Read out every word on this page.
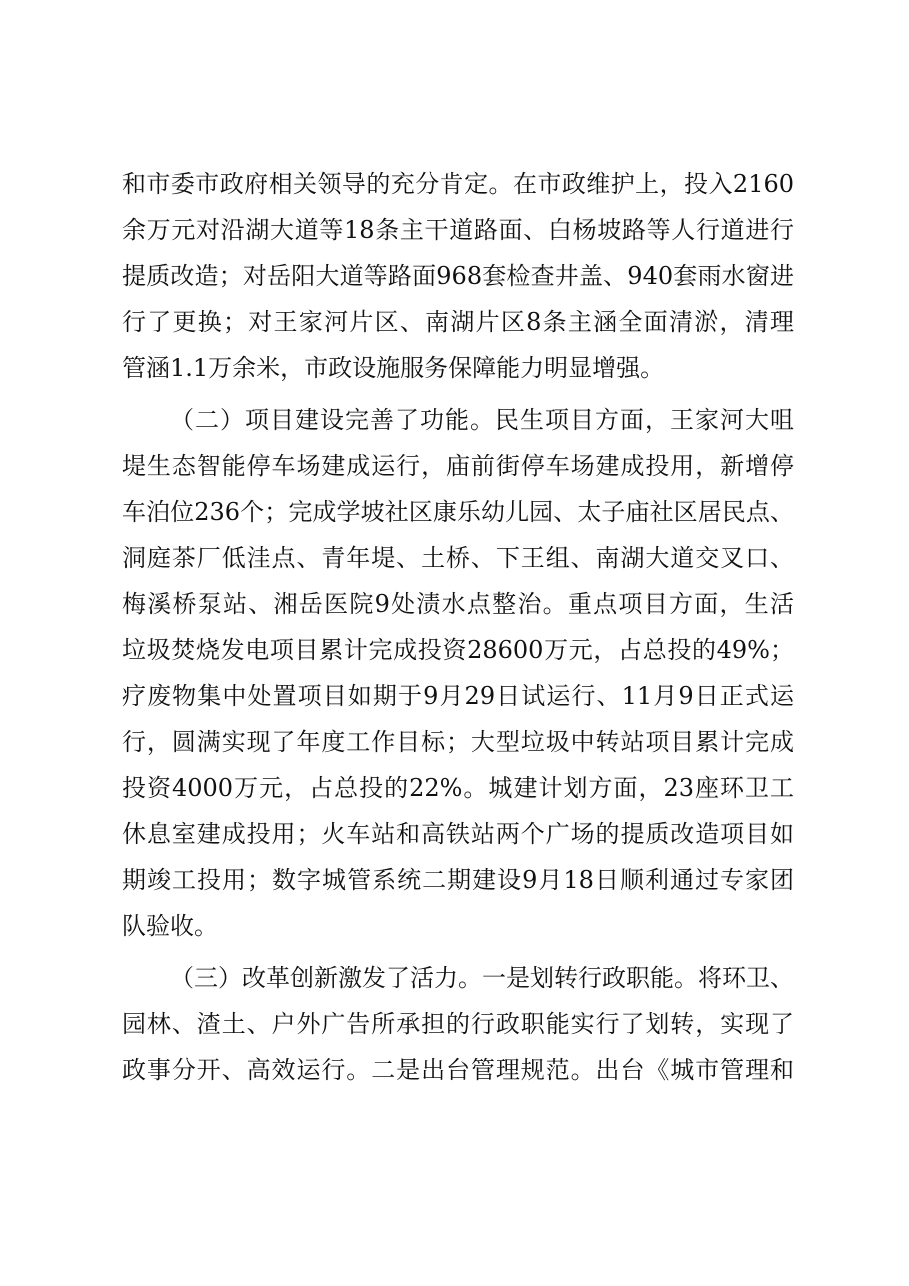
和市委市政府相关领导的充分肯定。在市政维护上，投入2160
余万元对沿湖大道等18条主干道路面、白杨坡路等人行道进行
提质改造；对岳阳大道等路面968套检查井盖、940套雨水窗进
行了更换；对王家河片区、南湖片区8条主涵全面清淤，清理
管涵1.1万余米，市政设施服务保障能力明显增强。
（二）项目建设完善了功能。民生项目方面，王家河大咀
堤生态智能停车场建成运行，庙前街停车场建成投用，新增停
车泊位236个；完成学坡社区康乐幼儿园、太子庙社区居民点、
洞庭茶厂低洼点、青年堤、土桥、下王组、南湖大道交叉口、
梅溪桥泵站、湘岳医院9处渍水点整治。重点项目方面，生活
垃圾焚烧发电项目累计完成投资28600万元，占总投的49%；
疗废物集中处置项目如期于9月29日试运行、11月9日正式运
行，圆满实现了年度工作目标；大型垃圾中转站项目累计完成
投资4000万元，占总投的22%。城建计划方面，23座环卫工
休息室建成投用；火车站和高铁站两个广场的提质改造项目如
期竣工投用；数字城管系统二期建设9月18日顺利通过专家团
队验收。
（三）改革创新激发了活力。一是划转行政职能。将环卫、
园林、渣土、户外广告所承担的行政职能实行了划转，实现了
政事分开、高效运行。二是出台管理规范。出台《城市管理和
